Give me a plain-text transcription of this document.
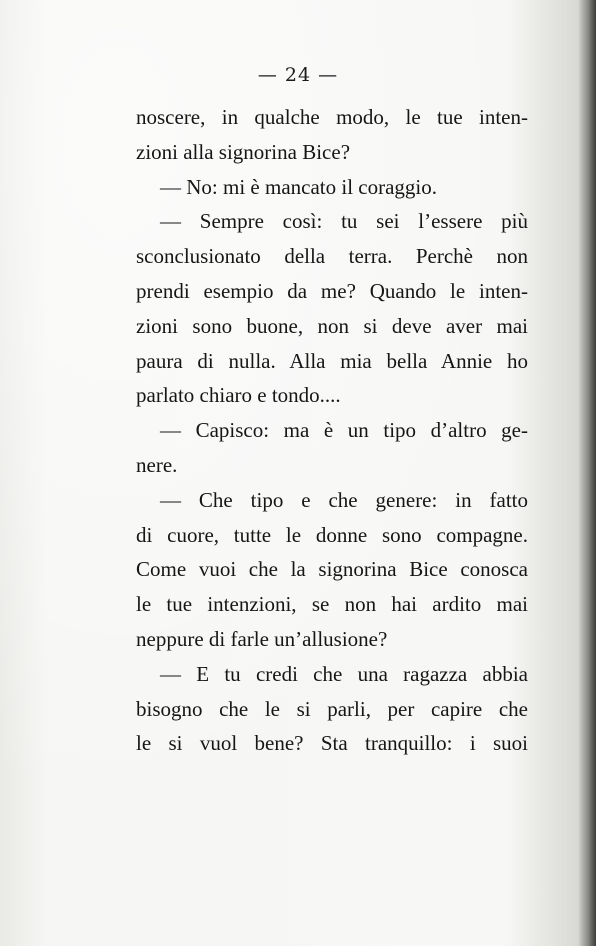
— 24 —
noscere, in qualche modo, le tue inten-
zioni alla signorina Bice?
— No: mi è mancato il coraggio.
— Sempre così: tu sei l’essere più
sconclusionato della terra. Perchè non
prendi esempio da me? Quando le inten-
zioni sono buone, non si deve aver mai
paura di nulla. Alla mia bella Annie ho
parlato chiaro e tondo....
— Capisco: ma è un tipo d’altro ge-
nere.
— Che tipo e che genere: in fatto
di cuore, tutte le donne sono compagne.
Come vuoi che la signorina Bice conosca
le tue intenzioni, se non hai ardito mai
neppure di farle un’allusione?
— E tu credi che una ragazza abbia
bisogno che le si parli, per capire che
le si vuol bene? Sta tranquillo: i suoi
